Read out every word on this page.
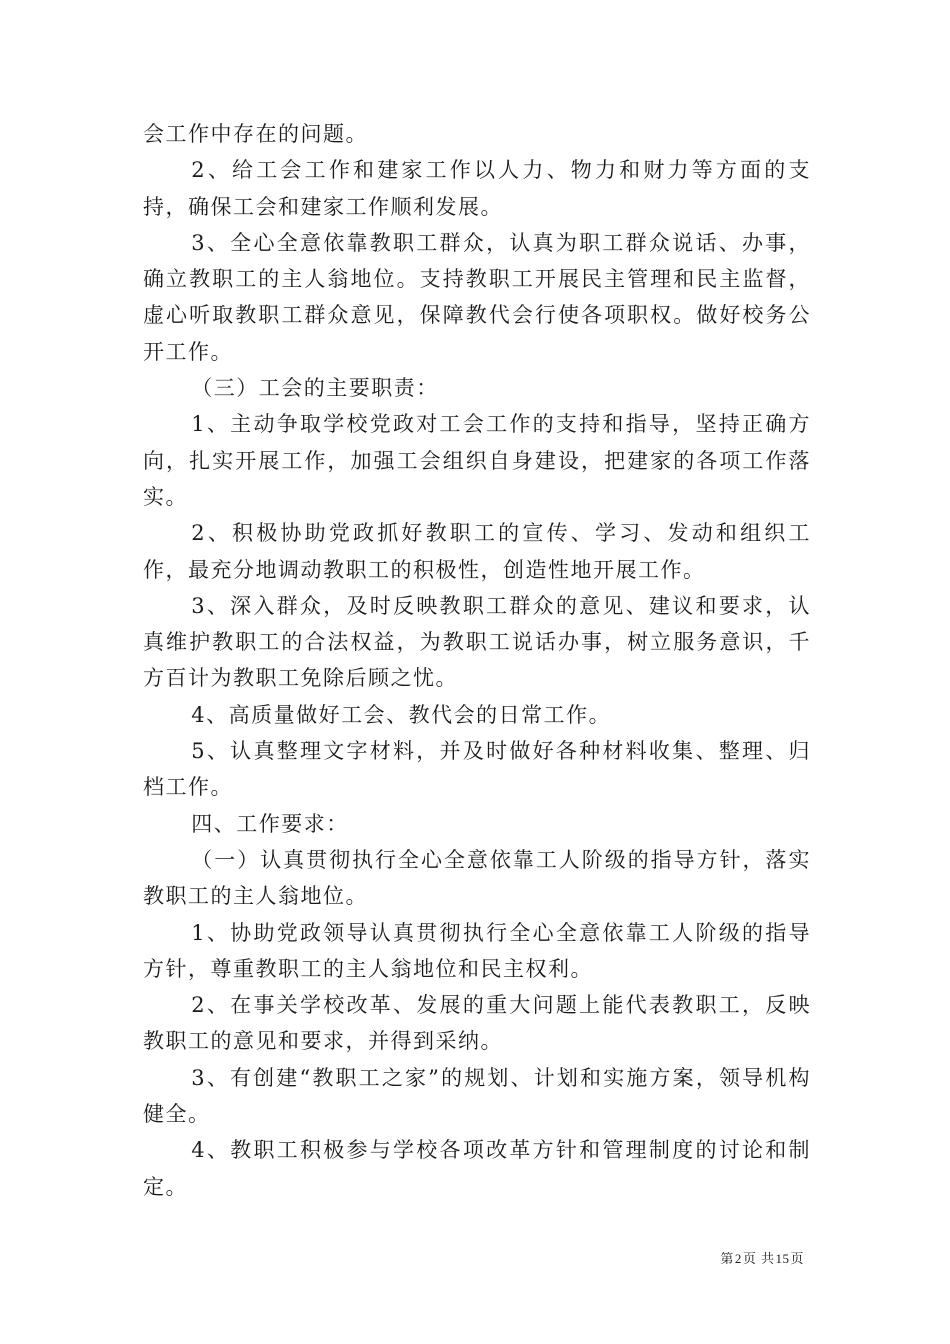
会工作中存在的问题。

2、给工会工作和建家工作以人力、物力和财力等方面的支持，确保工会和建家工作顺利发展。

3、全心全意依靠教职工群众，认真为职工群众说话、办事，确立教职工的主人翁地位。支持教职工开展民主管理和民主监督，虚心听取教职工群众意见，保障教代会行使各项职权。做好校务公开工作。

（三）工会的主要职责：

1、主动争取学校党政对工会工作的支持和指导，坚持正确方向，扎实开展工作，加强工会组织自身建设，把建家的各项工作落实。

2、积极协助党政抓好教职工的宣传、学习、发动和组织工作，最充分地调动教职工的积极性，创造性地开展工作。

3、深入群众，及时反映教职工群众的意见、建议和要求，认真维护教职工的合法权益，为教职工说话办事，树立服务意识，千方百计为教职工免除后顾之忧。

4、高质量做好工会、教代会的日常工作。

5、认真整理文字材料，并及时做好各种材料收集、整理、归档工作。

四、工作要求：

（一）认真贯彻执行全心全意依靠工人阶级的指导方针，落实教职工的主人翁地位。

1、协助党政领导认真贯彻执行全心全意依靠工人阶级的指导方针，尊重教职工的主人翁地位和民主权利。

2、在事关学校改革、发展的重大问题上能代表教职工，反映教职工的意见和要求，并得到采纳。

3、有创建“教职工之家”的规划、计划和实施方案，领导机构健全。

4、教职工积极参与学校各项改革方针和管理制度的讨论和制定。

第2页 共15页
